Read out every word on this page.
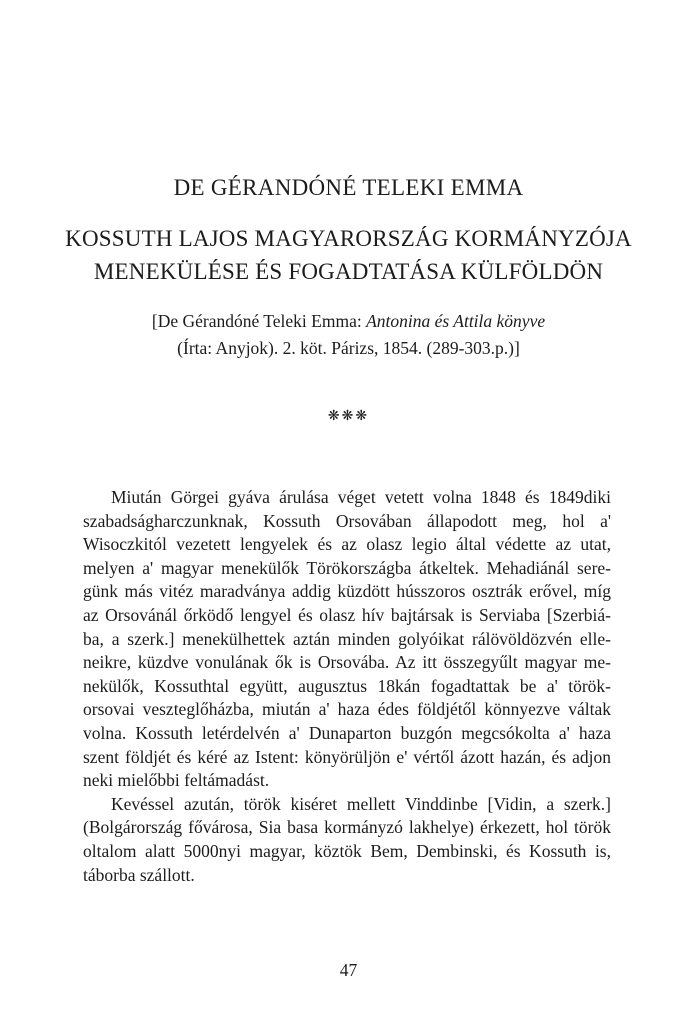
DE GÉRANDÓNÉ TELEKI EMMA
KOSSUTH LAJOS MAGYARORSZÁG KORMÁNYZÓJA
MENEKÜLÉSE ÉS FOGADTATÁSA KÜLFÖLDÖN
[De Gérandóné Teleki Emma: Antonina és Attila könyve
(Írta: Anyjok). 2. köt. Párizs, 1854. (289-303.p.)]
❋❋❋
Miután Görgei gyáva árulása véget vetett volna 1848 és 1849diki
szabadságharczunknak, Kossuth Orsovában állapodott meg, hol a'
Wisoczkitól vezetett lengyelek és az olasz legio által védette az utat,
melyen a' magyar menekülők Törökországba átkeltek. Mehadiánál sere-
günk más vitéz maradványa addig küzdött hússzoros osztrák erővel, míg
az Orsovánál őrködő lengyel és olasz hív bajtársak is Serviaba [Szerbiá-
ba, a szerk.] menekülhettek aztán minden golyóikat rálövöldözvén elle-
neikre, küzdve vonulának ők is Orsovába. Az itt összegyűlt magyar me-
nekülők, Kossuthtal együtt, augusztus 18kán fogadtattak be a' török-
orsovai veszteglőházba, miután a' haza édes földjétől könnyezve váltak
volna. Kossuth letérdelvén a' Dunaparton buzgón megcsókolta a' haza
szent földjét és kéré az Istent: könyörüljön e' vértől ázott hazán, és adjon
neki mielőbbi feltámadást.
Kevéssel azután, török kiséret mellett Vinddinbe [Vidin, a szerk.]
(Bolgárország fővárosa, Sia basa kormányzó lakhelye) érkezett, hol török
oltalom alatt 5000nyi magyar, köztök Bem, Dembinski, és Kossuth is,
táborba szállott.
47
